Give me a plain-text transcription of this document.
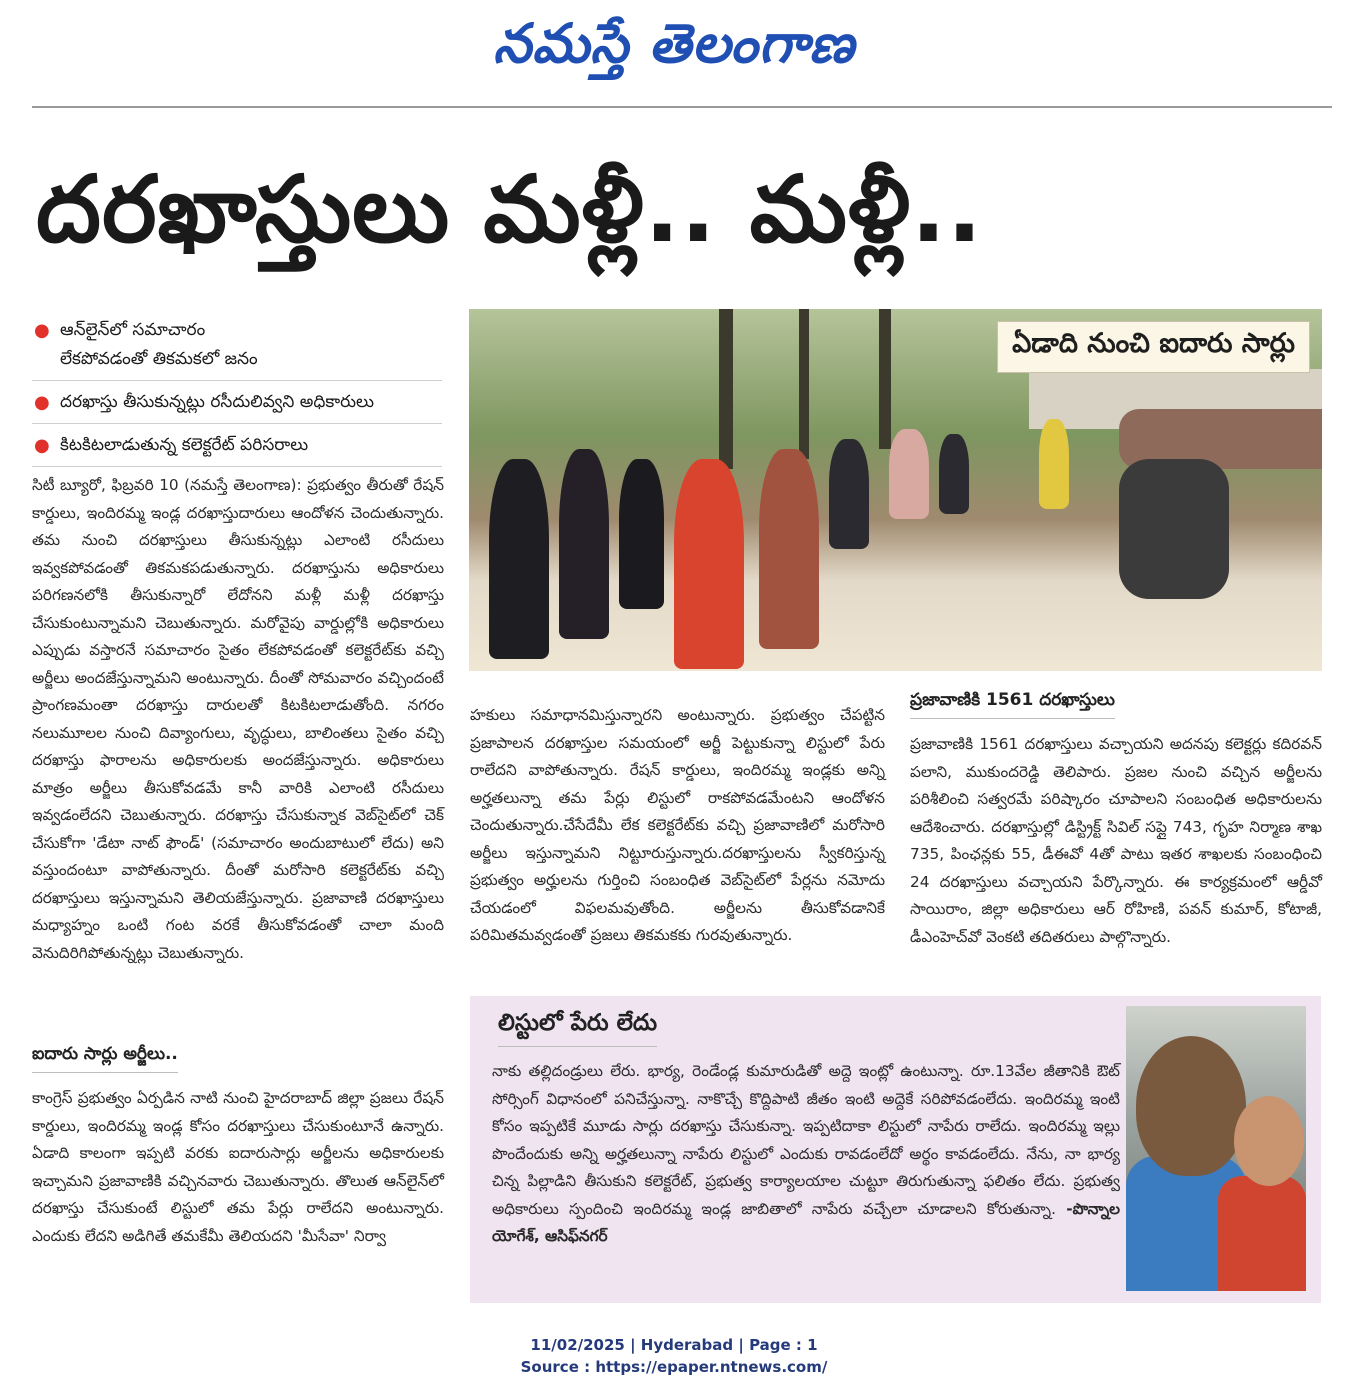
నమస్తే తెలంగాణ
దరఖాస్తులు మళ్లీ.. మళ్లీ..
● ఆన్‌లైన్‌లో సమాచారం
లేకపోవడంతో తికమకలో జనం
● దరఖాస్తు తీసుకున్నట్లు రసీదులివ్వని అధికారులు
● కిటకిటలాడుతున్న కలెక్టరేట్ పరిసరాలు
సిటీ బ్యూరో, ఫిబ్రవరి 10 (నమస్తే తెలంగాణ): ప్రభుత్వం తీరుతో రేషన్ కార్డులు, ఇందిరమ్మ ఇండ్ల దరఖాస్తుదారులు ఆందోళన చెందుతున్నారు. తమ నుంచి దరఖాస్తులు తీసుకున్నట్లు ఎలాంటి రసీదులు ఇవ్వకపోవడంతో తికమకపడుతున్నారు. దరఖాస్తును అధికారులు పరిగణనలోకి తీసుకున్నారో లేదోనని మళ్లీ మళ్లీ దరఖాస్తు చేసుకుంటున్నామని చెబుతున్నారు. మరోవైపు వార్డుల్లోకి అధికారులు ఎప్పుడు వస్తారనే సమాచారం సైతం లేకపోవడంతో కలెక్టరేట్‌కు వచ్చి అర్జీలు అందజేస్తున్నామని అంటున్నారు. దీంతో సోమవారం వచ్చిందంటే ప్రాంగణమంతా దరఖాస్తు దారులతో కిటకిటలాడుతోంది. నగరం నలుమూలల నుంచి దివ్యాంగులు, వృద్ధులు, బాలింతలు సైతం వచ్చి దరఖాస్తు ఫారాలను అధికారులకు అందజేస్తున్నారు. అధికారులు మాత్రం అర్జీలు తీసుకోవడమే కానీ వారికి ఎలాంటి రసీదులు ఇవ్వడంలేదని చెబుతున్నారు. దరఖాస్తు చేసుకున్నాక వెబ్‌సైట్‌లో చెక్ చేసుకోగా 'డేటా నాట్ ఫౌండ్' (సమాచారం అందుబాటులో లేదు) అని వస్తుందంటూ వాపోతున్నారు. దీంతో మరోసారి కలెక్టరేట్‌కు వచ్చి దరఖాస్తులు ఇస్తున్నామని తెలియజేస్తున్నారు. ప్రజావాణి దరఖాస్తులు మధ్యాహ్నం ఒంటి గంట వరకే తీసుకోవడంతో చాలా మంది వెనుదిరిగిపోతున్నట్లు చెబుతున్నారు.
ఐదారు సార్లు అర్జీలు..
కాంగ్రెస్ ప్రభుత్వం ఏర్పడిన నాటి నుంచి హైదరాబాద్ జిల్లా ప్రజలు రేషన్ కార్డులు, ఇందిరమ్మ ఇండ్ల కోసం దరఖాస్తులు చేసుకుంటూనే ఉన్నారు. ఏడాది కాలంగా ఇప్పటి వరకు ఐదారుసార్లు అర్జీలను అధికారులకు ఇచ్చామని ప్రజావాణికి వచ్చినవారు చెబుతున్నారు. తొలుత ఆన్‌లైన్‌లో దరఖాస్తు చేసుకుంటే లిస్టులో తమ పేర్లు రాలేదని అంటున్నారు. ఎందుకు లేదని అడిగితే తమకేమీ తెలియదని 'మీసేవా' నిర్వా
ఏడాది నుంచి ఐదారు సార్లు
హకులు సమాధానమిస్తున్నారని అంటున్నారు. ప్రభుత్వం చేపట్టిన ప్రజాపాలన దరఖాస్తుల సమయంలో అర్జీ పెట్టుకున్నా లిస్టులో పేరు రాలేదని వాపోతున్నారు. రేషన్ కార్డులు, ఇందిరమ్మ ఇండ్లకు అన్ని అర్హతలున్నా తమ పేర్లు లిస్టులో రాకపోవడమేంటని ఆందోళన చెందుతున్నారు.చేసేదేమీ లేక కలెక్టరేట్‌కు వచ్చి ప్రజావాణిలో మరోసారి అర్జీలు ఇస్తున్నామని నిట్టూరుస్తున్నారు.దరఖాస్తులను స్వీకరిస్తున్న ప్రభుత్వం అర్హులను గుర్తించి సంబంధిత వెబ్‌సైట్‌లో పేర్లను నమోదు చేయడంలో విఫలమవుతోంది. అర్జీలను తీసుకోవడానికే పరిమితమవ్వడంతో ప్రజలు తికమకకు గురవుతున్నారు.
ప్రజావాణికి 1561 దరఖాస్తులు
ప్రజావాణికి 1561 దరఖాస్తులు వచ్చాయని అదనపు కలెక్టర్లు కదిరవన్ పలాని, ముకుందరెడ్డి తెలిపారు. ప్రజల నుంచి వచ్చిన అర్జీలను పరిశీలించి సత్వరమే పరిష్కారం చూపాలని సంబంధిత అధికారులను ఆదేశించారు. దరఖాస్తుల్లో డిస్ట్రిక్ట్ సివిల్ సప్లై 743, గృహ నిర్మాణ శాఖ 735, పింఛన్లకు 55, డీఈవో 4తో పాటు ఇతర శాఖలకు సంబంధించి 24 దరఖాస్తులు వచ్చాయని పేర్కొన్నారు. ఈ కార్యక్రమంలో ఆర్డీవో సాయిరాం, జిల్లా అధికారులు ఆర్ రోహిణి, పవన్ కుమార్, కోటాజీ, డీఎంహెచ్‌వో వెంకటి తదితరులు పాల్గొన్నారు.
లిస్టులో పేరు లేదు
నాకు తల్లిదండ్రులు లేరు. భార్య, రెండేండ్ల కుమారుడితో అద్దె ఇంట్లో ఉంటున్నా. రూ.13వేల జీతానికి ఔట్ సోర్సింగ్ విధానంలో పనిచేస్తున్నా. నాకొచ్చే కొద్దిపాటి జీతం ఇంటి అద్దెకే సరిపోవడంలేదు. ఇందిరమ్మ ఇంటి కోసం ఇప్పటికే మూడు సార్లు దరఖాస్తు చేసుకున్నా. ఇప్పటిదాకా లిస్టులో నాపేరు రాలేదు. ఇందిరమ్మ ఇల్లు పొందేందుకు అన్ని అర్హతలున్నా నాపేరు లిస్టులో ఎందుకు రావడంలేదో అర్థం కావడంలేదు. నేను, నా భార్య చిన్న పిల్లాడిని తీసుకుని కలెక్టరేట్, ప్రభుత్వ కార్యాలయాల చుట్టూ తిరుగుతున్నా ఫలితం లేదు. ప్రభుత్వ అధికారులు స్పందించి ఇందిరమ్మ ఇండ్ల జాబితాలో నాపేరు వచ్చేలా చూడాలని కోరుతున్నా. -పొన్నాల యోగేశ్, ఆసిఫ్‌నగర్
11/02/2025 | Hyderabad | Page : 1
Source : https://epaper.ntnews.com/
